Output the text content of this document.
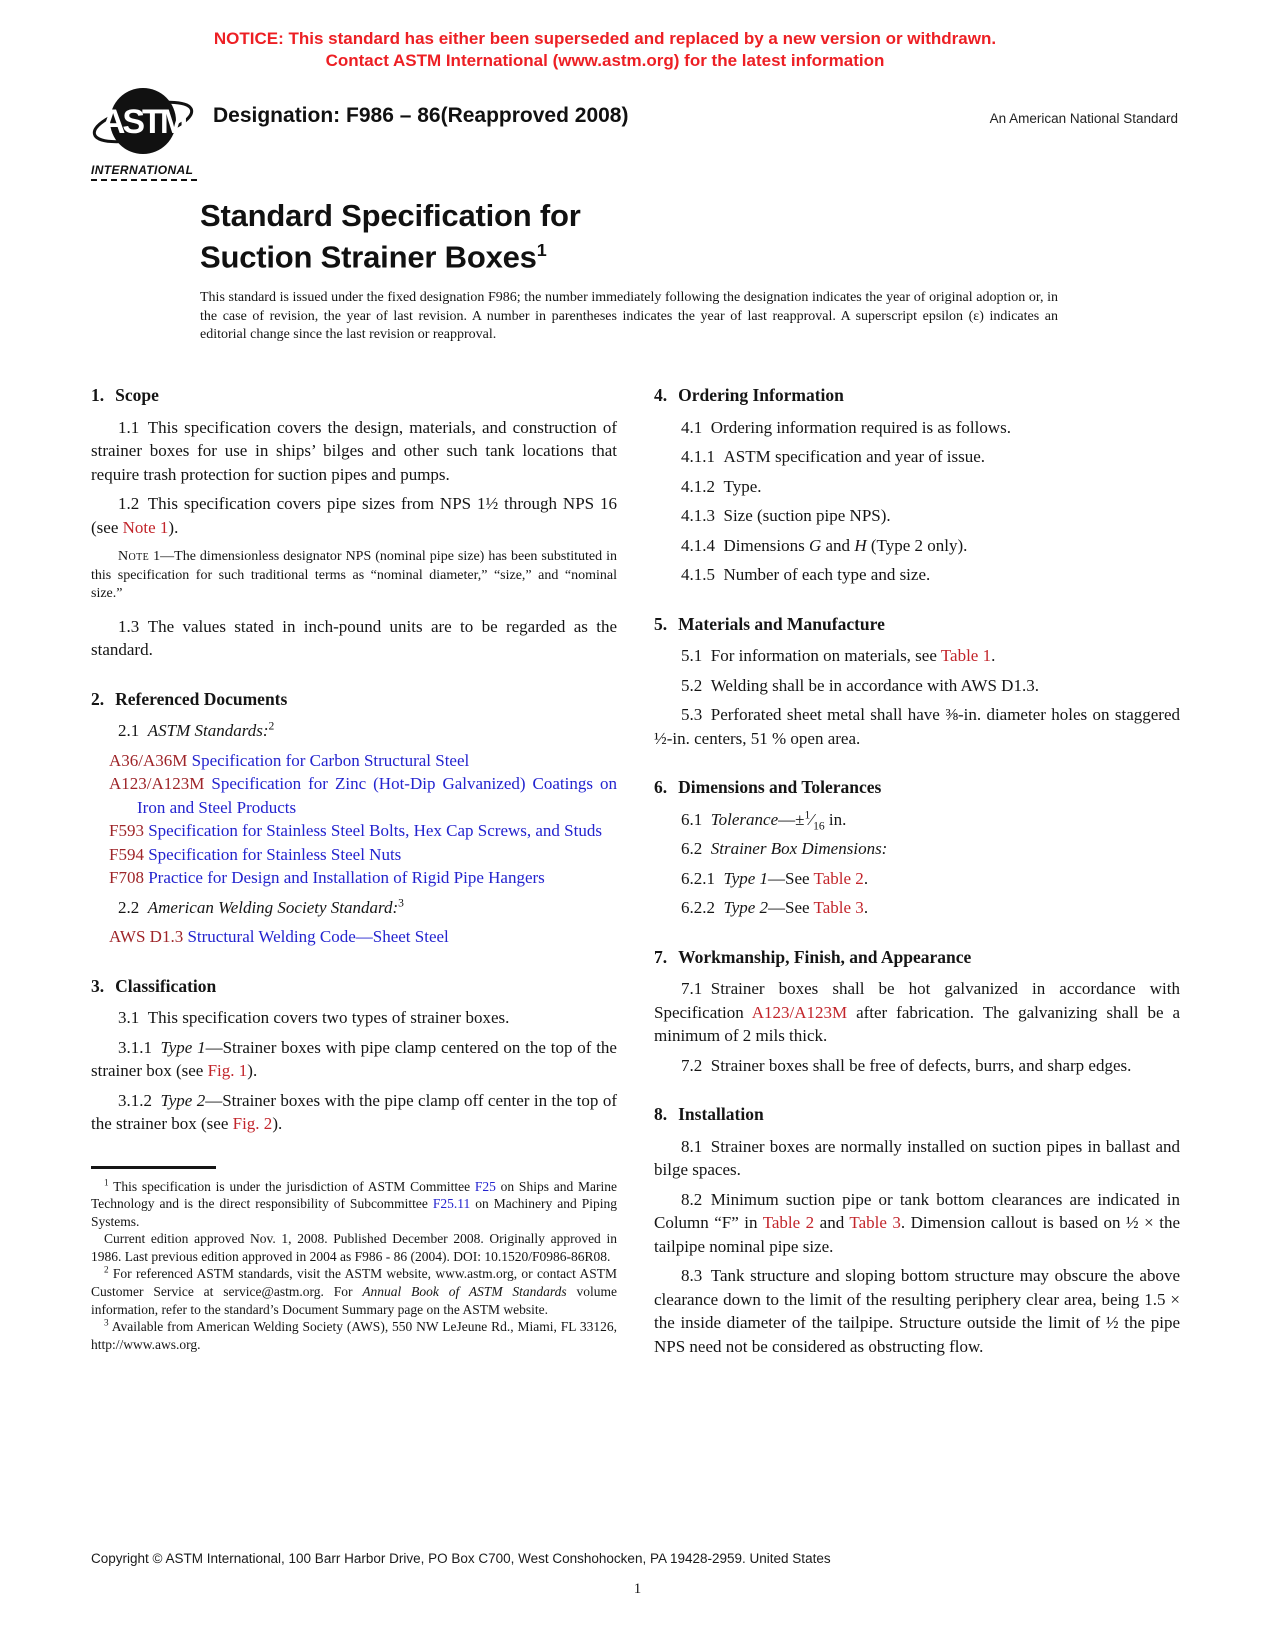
NOTICE: This standard has either been superseded and replaced by a new version or withdrawn.
Contact ASTM International (www.astm.org) for the latest information
ASTM
INTERNATIONAL
Designation: F986 – 86(Reapproved 2008)	An American National Standard
Standard Specification for
Suction Strainer Boxes$^1$
This standard is issued under the fixed designation F986; the number immediately following the designation indicates the year of original adoption or, in the case of revision, the year of last revision. A number in parentheses indicates the year of last reapproval. A superscript epsilon (ε) indicates an editorial change since the last revision or reapproval.
1. Scope
1.1 This specification covers the design, materials, and construction of strainer boxes for use in ships’ bilges and other such tank locations that require trash protection for suction pipes and pumps.
1.2 This specification covers pipe sizes from NPS 1½ through NPS 16 (see Note 1).
Note 1—The dimensionless designator NPS (nominal pipe size) has been substituted in this specification for such traditional terms as “nominal diameter,” “size,” and “nominal size.”
1.3 The values stated in inch-pound units are to be regarded as the standard.
2. Referenced Documents
2.1 ASTM Standards:$^2$
A36/A36M Specification for Carbon Structural Steel
A123/A123M Specification for Zinc (Hot-Dip Galvanized) Coatings on Iron and Steel Products
F593 Specification for Stainless Steel Bolts, Hex Cap Screws, and Studs
F594 Specification for Stainless Steel Nuts
F708 Practice for Design and Installation of Rigid Pipe Hangers
2.2 American Welding Society Standard:$^3$
AWS D1.3 Structural Welding Code—Sheet Steel
3. Classification
3.1 This specification covers two types of strainer boxes.
3.1.1 Type 1—Strainer boxes with pipe clamp centered on the top of the strainer box (see Fig. 1).
3.1.2 Type 2—Strainer boxes with the pipe clamp off center in the top of the strainer box (see Fig. 2).
$^1$ This specification is under the jurisdiction of ASTM Committee F25 on Ships and Marine Technology and is the direct responsibility of Subcommittee F25.11 on Machinery and Piping Systems.
Current edition approved Nov. 1, 2008. Published December 2008. Originally approved in 1986. Last previous edition approved in 2004 as F986 - 86 (2004). DOI: 10.1520/F0986-86R08.
$^2$ For referenced ASTM standards, visit the ASTM website, www.astm.org, or contact ASTM Customer Service at service@astm.org. For Annual Book of ASTM Standards volume information, refer to the standard’s Document Summary page on the ASTM website.
$^3$ Available from American Welding Society (AWS), 550 NW LeJeune Rd., Miami, FL 33126, http://www.aws.org.
4. Ordering Information
4.1 Ordering information required is as follows.
4.1.1 ASTM specification and year of issue.
4.1.2 Type.
4.1.3 Size (suction pipe NPS).
4.1.4 Dimensions G and H (Type 2 only).
4.1.5 Number of each type and size.
5. Materials and Manufacture
5.1 For information on materials, see Table 1.
5.2 Welding shall be in accordance with AWS D1.3.
5.3 Perforated sheet metal shall have ⅜-in. diameter holes on staggered ½-in. centers, 51 % open area.
6. Dimensions and Tolerances
6.1 $Tolerance—\pm^1⁄_{16}$ in.
6.2 Strainer Box Dimensions:
6.2.1 Type 1—See Table 2.
6.2.2 Type 2—See Table 3.
7. Workmanship, Finish, and Appearance
7.1 Strainer boxes shall be hot galvanized in accordance with Specification A123/A123M after fabrication. The galvanizing shall be a minimum of 2 mils thick.
7.2 Strainer boxes shall be free of defects, burrs, and sharp edges.
8. Installation
8.1 Strainer boxes are normally installed on suction pipes in ballast and bilge spaces.
8.2 Minimum suction pipe or tank bottom clearances are indicated in Column “F” in Table 2 and Table 3. Dimension callout is based on ½ × the tailpipe nominal pipe size.
8.3 Tank structure and sloping bottom structure may obscure the above clearance down to the limit of the resulting periphery clear area, being 1.5 × the inside diameter of the tailpipe. Structure outside the limit of ½ the pipe NPS need not be considered as obstructing flow.
Copyright © ASTM International, 100 Barr Harbor Drive, PO Box C700, West Conshohocken, PA 19428-2959. United States
1
